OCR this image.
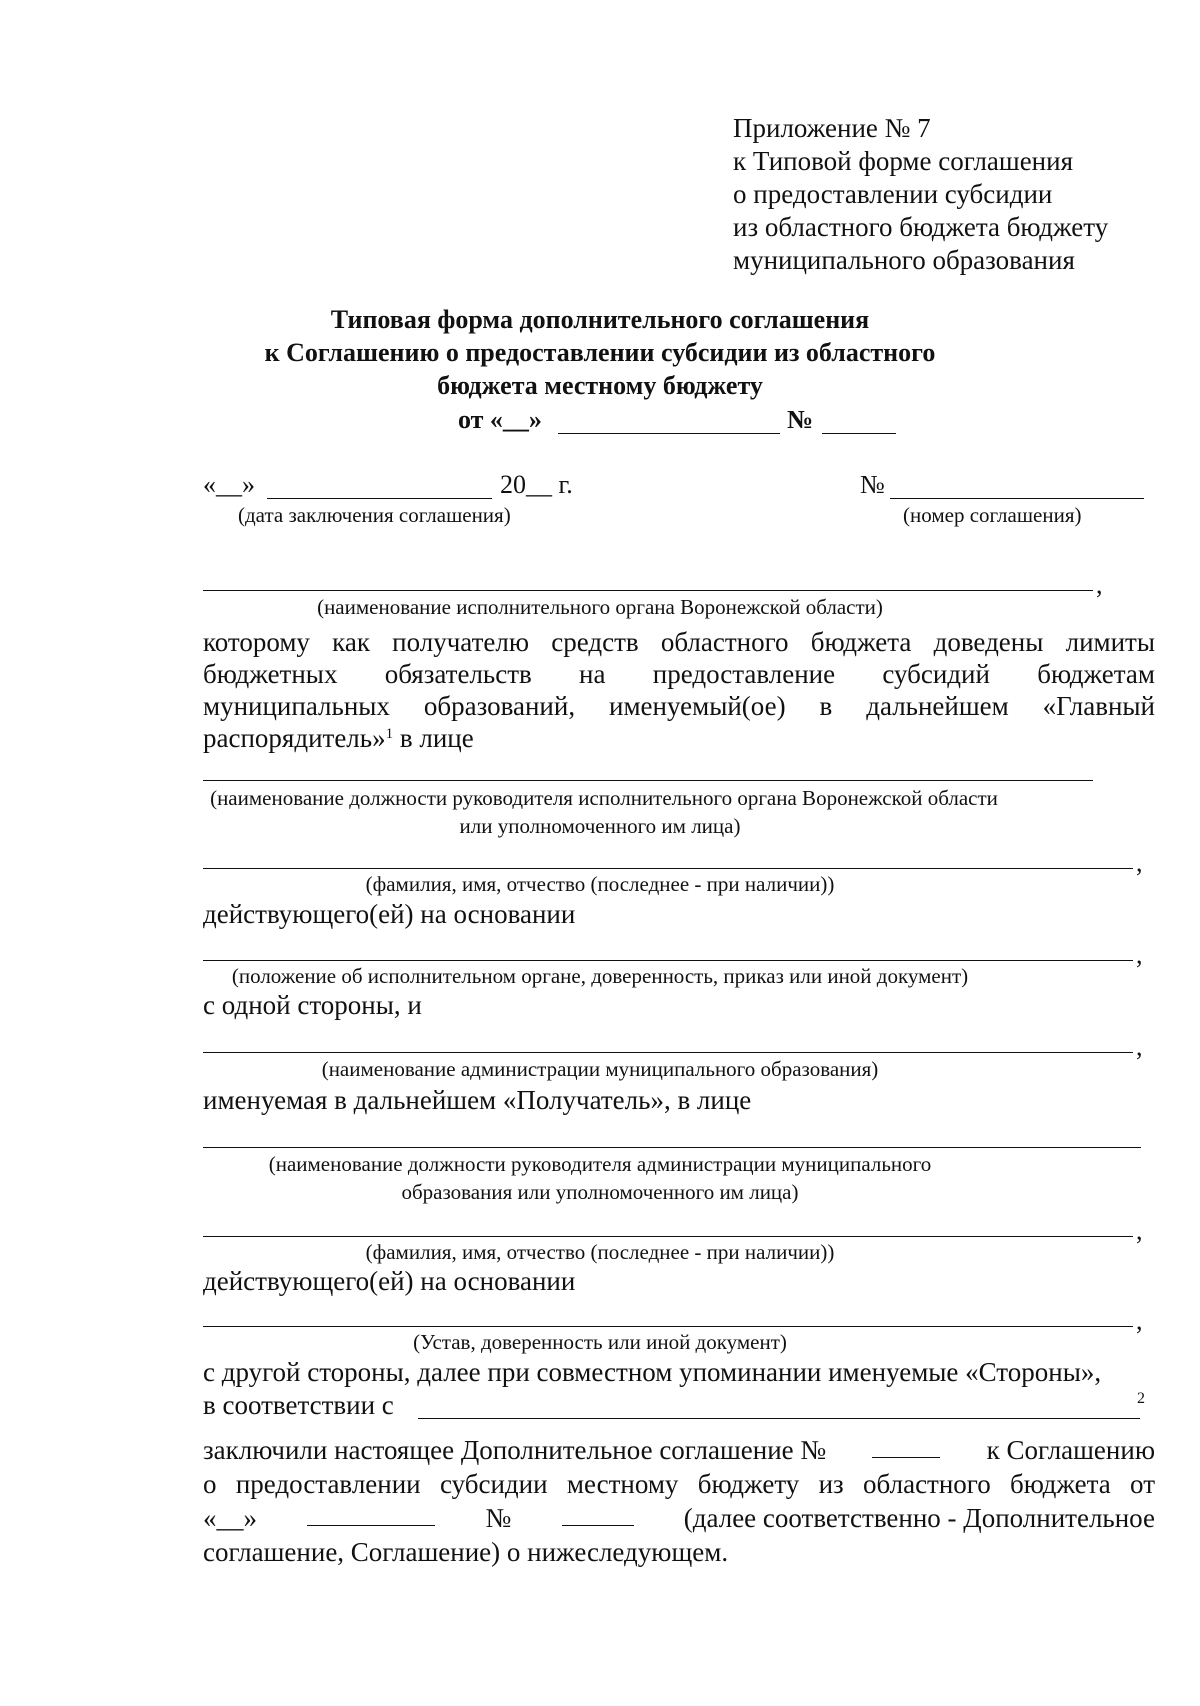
Приложение № 7
к Типовой форме соглашения
о предоставлении субсидии
из областного бюджета бюджету
муниципального образования
Типовая форма дополнительного соглашения
к Соглашению о предоставлении субсидии из областного
бюджета местному бюджету
от «__»	№
«__»	20__ г.
(дата заключения соглашения)
№
(номер соглашения)
,
(наименование исполнительного органа Воронежской области)
которому как получателю средств областного бюджета доведены лимиты
бюджетных обязательств на предоставление субсидий бюджетам
муниципальных образований, именуемый(ое) в дальнейшем «Главный
распорядитель»$^1$ в лице
(наименование должности руководителя исполнительного органа Воронежской области
или уполномоченного им лица)
,
(фамилия, имя, отчество (последнее - при наличии))
действующего(ей) на основании
,
(положение об исполнительном органе, доверенность, приказ или иной документ)
с одной стороны, и
,
(наименование администрации муниципального образования)
именуемая в дальнейшем «Получатель», в лице
(наименование должности руководителя администрации муниципального
образования или уполномоченного им лица)
,
(фамилия, имя, отчество (последнее - при наличии))
действующего(ей) на основании
,
(Устав, доверенность или иной документ)
с другой стороны, далее при совместном упоминании именуемые «Стороны»,
в соответствии с	2
заключили настоящее Дополнительное соглашение №	к Соглашению
о предоставлении субсидии местному бюджету из областного бюджета от
«__»	№	(далее соответственно - Дополнительное
соглашение, Соглашение) о нижеследующем.
